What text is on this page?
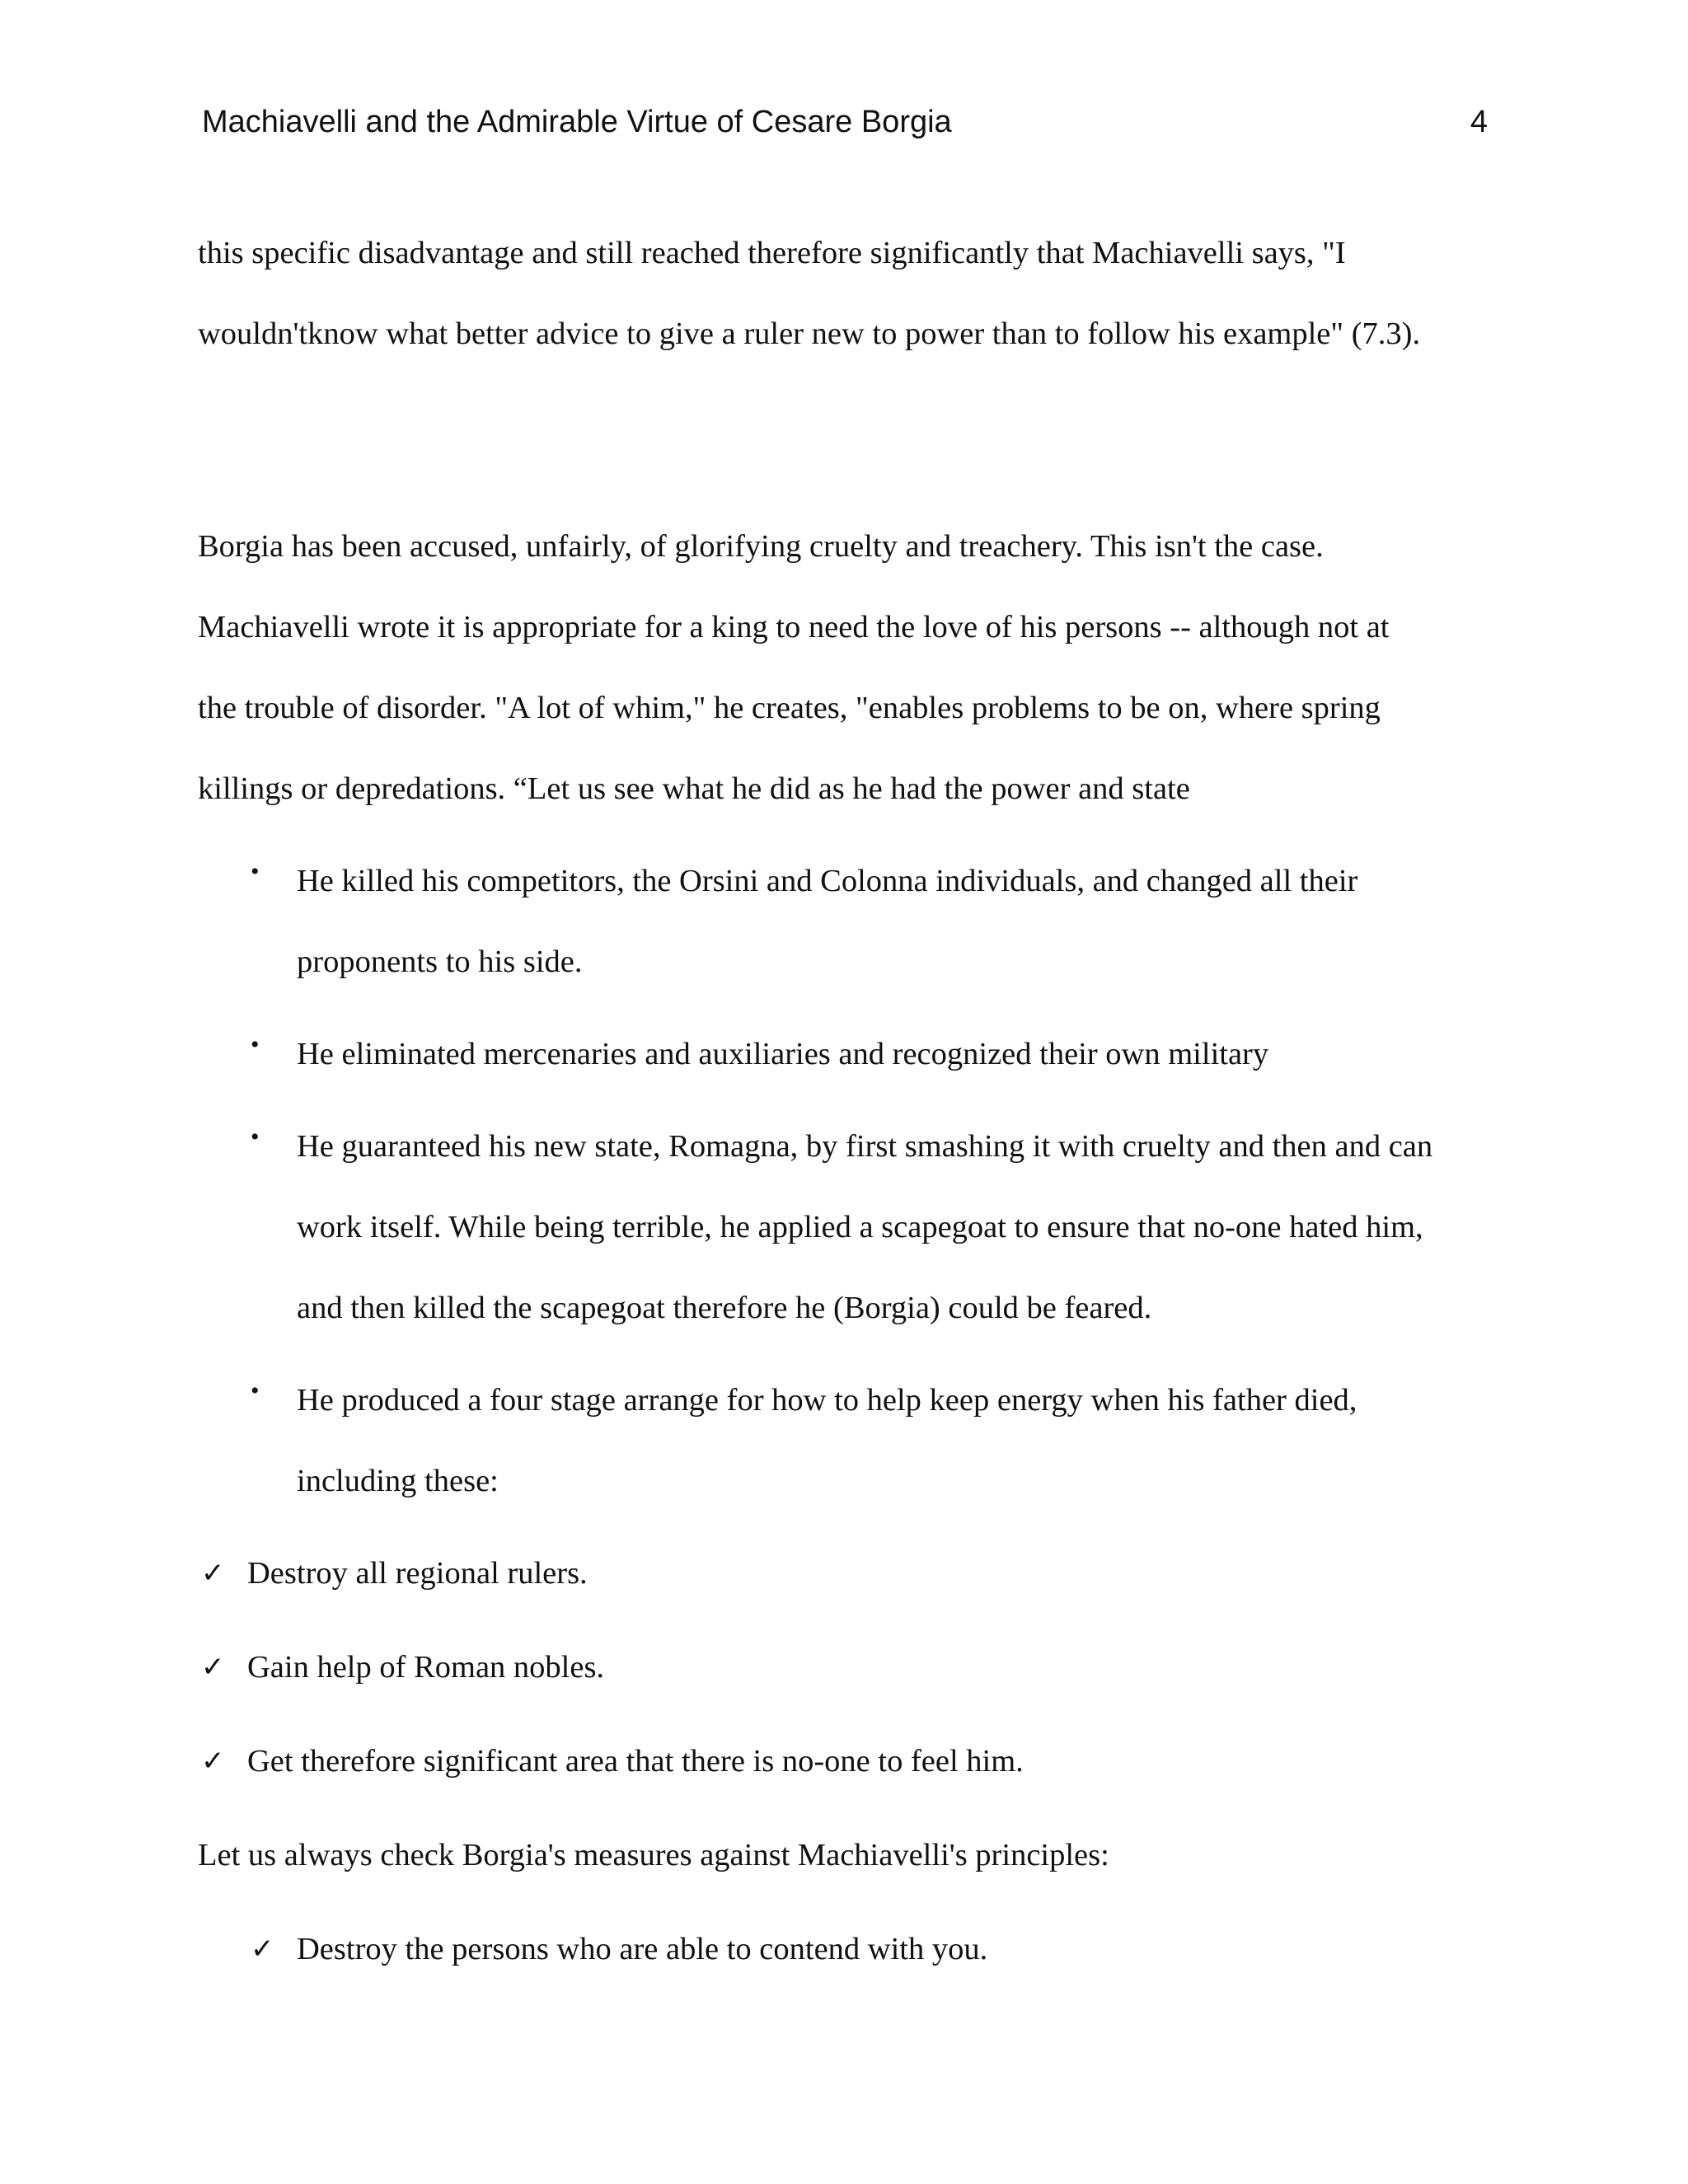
Machiavelli and the Admirable Virtue of Cesare Borgia	4
this specific disadvantage and still reached therefore significantly that Machiavelli says, "I
wouldn'tknow what better advice to give a ruler new to power than to follow his example" (7.3).
Borgia has been accused, unfairly, of glorifying cruelty and treachery. This isn't the case.
Machiavelli wrote it is appropriate for a king to need the love of his persons -- although not at
the trouble of disorder. "A lot of whim," he creates, "enables problems to be on, where spring
killings or depredations. “Let us see what he did as he had the power and state
• He killed his competitors, the Orsini and Colonna individuals, and changed all their
proponents to his side.
• He eliminated mercenaries and auxiliaries and recognized their own military
• He guaranteed his new state, Romagna, by first smashing it with cruelty and then and can
work itself. While being terrible, he applied a scapegoat to ensure that no-one hated him,
and then killed the scapegoat therefore he (Borgia) could be feared.
• He produced a four stage arrange for how to help keep energy when his father died,
including these:
✓ Destroy all regional rulers.
✓ Gain help of Roman nobles.
✓ Get therefore significant area that there is no-one to feel him.
Let us always check Borgia's measures against Machiavelli's principles:
✓ Destroy the persons who are able to contend with you.
